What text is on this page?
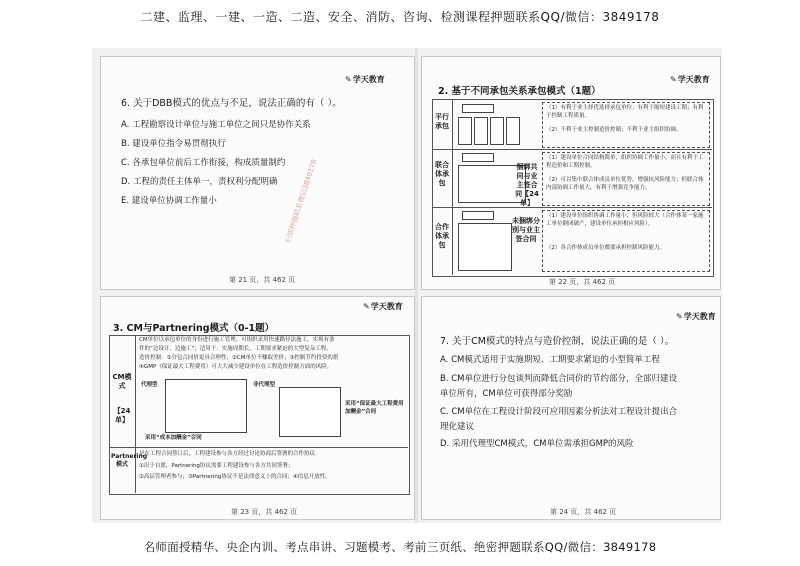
二建、监理、一建、一造、二造、安全、消防、咨询、检测课程押题联系QQ/微信：3849178
✎学天教育
6. 关于DBB模式的优点与不足，说法正确的有（ ）。
A. 工程勘察设计单位与施工单位之间只是协作关系
B. 建设单位指令易贯彻执行
C. 各承包单位前后工作衔接，构成质量制约
D. 工程的责任主体单一，责权利分配明确
E. 建设单位协调工作量小	扫描押题联系微信3849178
第 21 页，共 462 页
✎学天教育
2. 基于不同承包关系承包模式（1题）
平行承包
（1）有利于业主择优选择承包单位；有利于缩短建设工期；有利于控制工程质量。
（2）不利于业主控制造价控制；不利于业主组织协调。
联合体承包
捆绑共同与业主签合同【24单】
（1）建设单位合同结构简单，组织协调工作量小，而且有利于工程造价和工期控制。
（2）可以集中联合体成员单位优势，增强抗风险能力；但联合体内部协调工作量大，有利于增强竞争能力。
合作体承包
未捆绑分别与业主签合同
（1）建设单位组织协调工作量小，但风险较大（合作体某一家施工单位倒闭破产，建设单位承担相应风险）。
（2）各合作体成员单位都要承担控制风险能力。
第 22 页，共 462 页
✎学天教育
3. CM与Partnering模式（0-1题）
CM模式
【24单】
CM单位以承包单位的身份进行施工管理，可组织采用快速路径法施工，实现有条
件的“边设计、边施工”；适用于：实施周期长，工期要求紧迫的大型复杂工程。
造价控制：①分包合同价更具合理性；②CM单位不赚取差价；③控制节约投资的措
④GMP（保证最大工程费用）可大大减少建设单位在工程造价控制方面的风险。
代理型
采用“成本加酬金”合同
非代理型
采用“保证最大工程费用加酬金”合同
Partnering模式
是在工程合同签订后，工程建设参与各方经过讨论协商后签署的合作协议
①出于自愿，Partnering协议需要工程建设参与各方共同签署；
②高层管理者参与；③Partnering协议不是法律意义上的合同；④信息开放性。
第 23 页，共 462 页
✎学天教育
7. 关于CM模式的特点与造价控制，说法正确的是（ ）。
A. CM模式适用于实施期短、工期要求紧迫的小型简单工程
B. CM单位进行分包谈判而降低合同价的节约部分，全部归建设
单位所有，CM单位可获得部分奖励
C. CM单位在工程设计阶段可应用因素分析法对工程设计提出合
理化建议
D. 采用代理型CM模式，CM单位需承担GMP的风险
第 24 页，共 462 页
名师面授精华、央企内训、考点串讲、习题模考、考前三页纸、绝密押题联系QQ/微信：3849178
